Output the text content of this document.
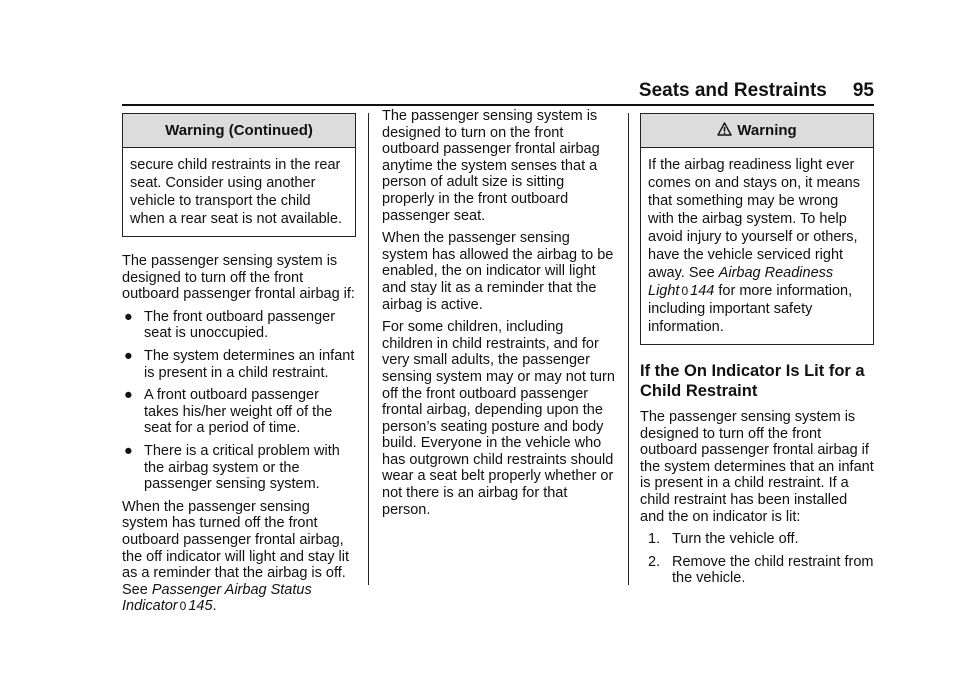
Seats and Restraints 95
Warning (Continued)
secure child restraints in the rear seat. Consider using another vehicle to transport the child when a rear seat is not available.

The passenger sensing system is designed to turn off the front outboard passenger frontal airbag if:

● The front outboard passenger seat is unoccupied.
● The system determines an infant is present in a child restraint.
● A front outboard passenger takes his/her weight off of the seat for a period of time.
● There is a critical problem with the airbag system or the passenger sensing system.

When the passenger sensing system has turned off the front outboard passenger frontal airbag, the off indicator will light and stay lit as a reminder that the airbag is off. See Passenger Airbag Status Indicator 0 145.

The passenger sensing system is designed to turn on the front outboard passenger frontal airbag anytime the system senses that a person of adult size is sitting properly in the front outboard passenger seat.

When the passenger sensing system has allowed the airbag to be enabled, the on indicator will light and stay lit as a reminder that the airbag is active.

For some children, including children in child restraints, and for very small adults, the passenger sensing system may or may not turn off the front outboard passenger frontal airbag, depending upon the person’s seating posture and body build. Everyone in the vehicle who has outgrown child restraints should wear a seat belt properly whether or not there is an airbag for that person.

Warning
If the airbag readiness light ever comes on and stays on, it means that something may be wrong with the airbag system. To help avoid injury to yourself or others, have the vehicle serviced right away. See Airbag Readiness Light 0 144 for more information, including important safety information.
If the On Indicator Is Lit for a Child Restraint

The passenger sensing system is designed to turn off the front outboard passenger frontal airbag if the system determines that an infant is present in a child restraint. If a child restraint has been installed and the on indicator is lit:

1. Turn the vehicle off.
2. Remove the child restraint from the vehicle.
